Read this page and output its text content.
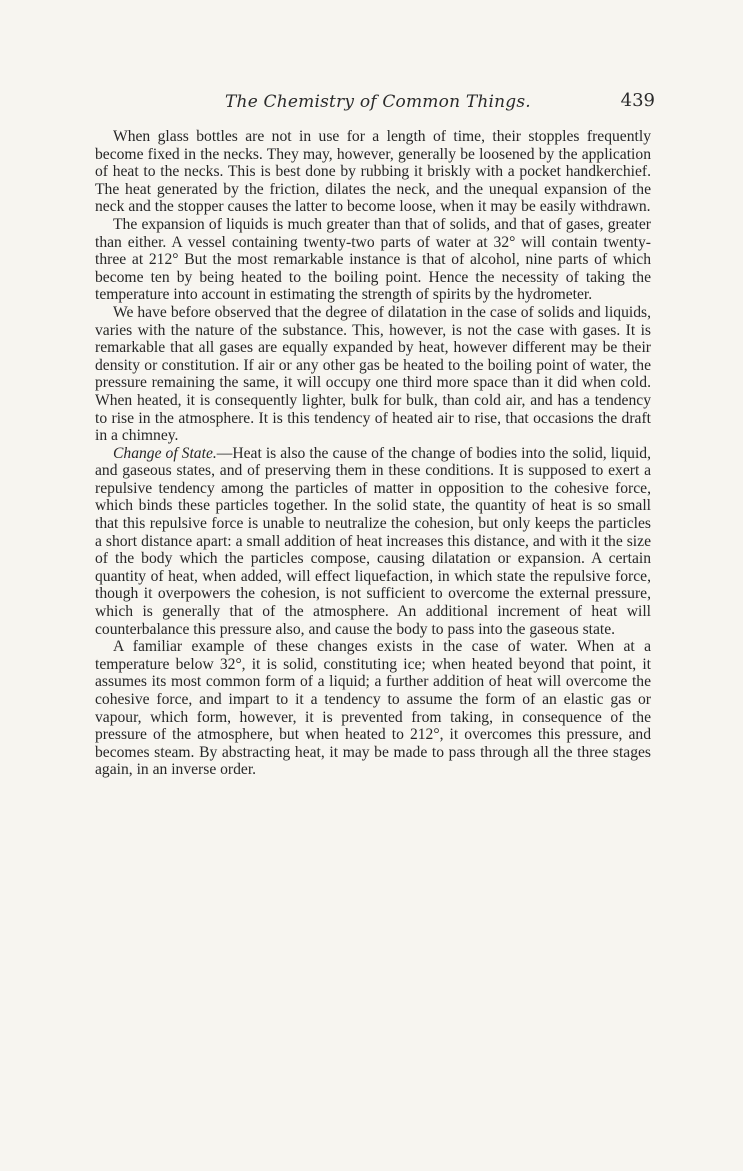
The Chemistry of Common Things.	439

When glass bottles are not in use for a length of time, their stopples frequently become fixed in the necks. They may, however, generally be loosened by the application of heat to the necks. This is best done by rubbing it briskly with a pocket handkerchief. The heat generated by the friction, dilates the neck, and the unequal expansion of the neck and the stopper causes the latter to become loose, when it may be easily withdrawn.

The expansion of liquids is much greater than that of solids, and that of gases, greater than either. A vessel containing twenty-two parts of water at 32° will contain twenty-three at 212° But the most remarkable instance is that of alcohol, nine parts of which become ten by being heated to the boiling point. Hence the necessity of taking the temperature into account in estimating the strength of spirits by the hydrometer.

We have before observed that the degree of dilatation in the case of solids and liquids, varies with the nature of the substance. This, however, is not the case with gases. It is remarkable that all gases are equally expanded by heat, however different may be their density or constitution. If air or any other gas be heated to the boiling point of water, the pressure remaining the same, it will occupy one third more space than it did when cold. When heated, it is consequently lighter, bulk for bulk, than cold air, and has a tendency to rise in the atmosphere. It is this tendency of heated air to rise, that occasions the draft in a chimney.

Change of State.—Heat is also the cause of the change of bodies into the solid, liquid, and gaseous states, and of preserving them in these conditions. It is supposed to exert a repulsive tendency among the particles of matter in opposition to the cohesive force, which binds these particles together. In the solid state, the quantity of heat is so small that this repulsive force is unable to neutralize the cohesion, but only keeps the particles a short distance apart: a small addition of heat increases this distance, and with it the size of the body which the particles compose, causing dilatation or expansion. A certain quantity of heat, when added, will effect liquefaction, in which state the repulsive force, though it overpowers the cohesion, is not sufficient to overcome the external pressure, which is generally that of the atmosphere. An additional increment of heat will counterbalance this pressure also, and cause the body to pass into the gaseous state.

A familiar example of these changes exists in the case of water. When at a temperature below 32°, it is solid, constituting ice; when heated beyond that point, it assumes its most common form of a liquid; a further addition of heat will overcome the cohesive force, and impart to it a tendency to assume the form of an elastic gas or vapour, which form, however, it is prevented from taking, in consequence of the pressure of the atmosphere, but when heated to 212°, it overcomes this pressure, and becomes steam. By abstracting heat, it may be made to pass through all the three stages again, in an inverse order.
